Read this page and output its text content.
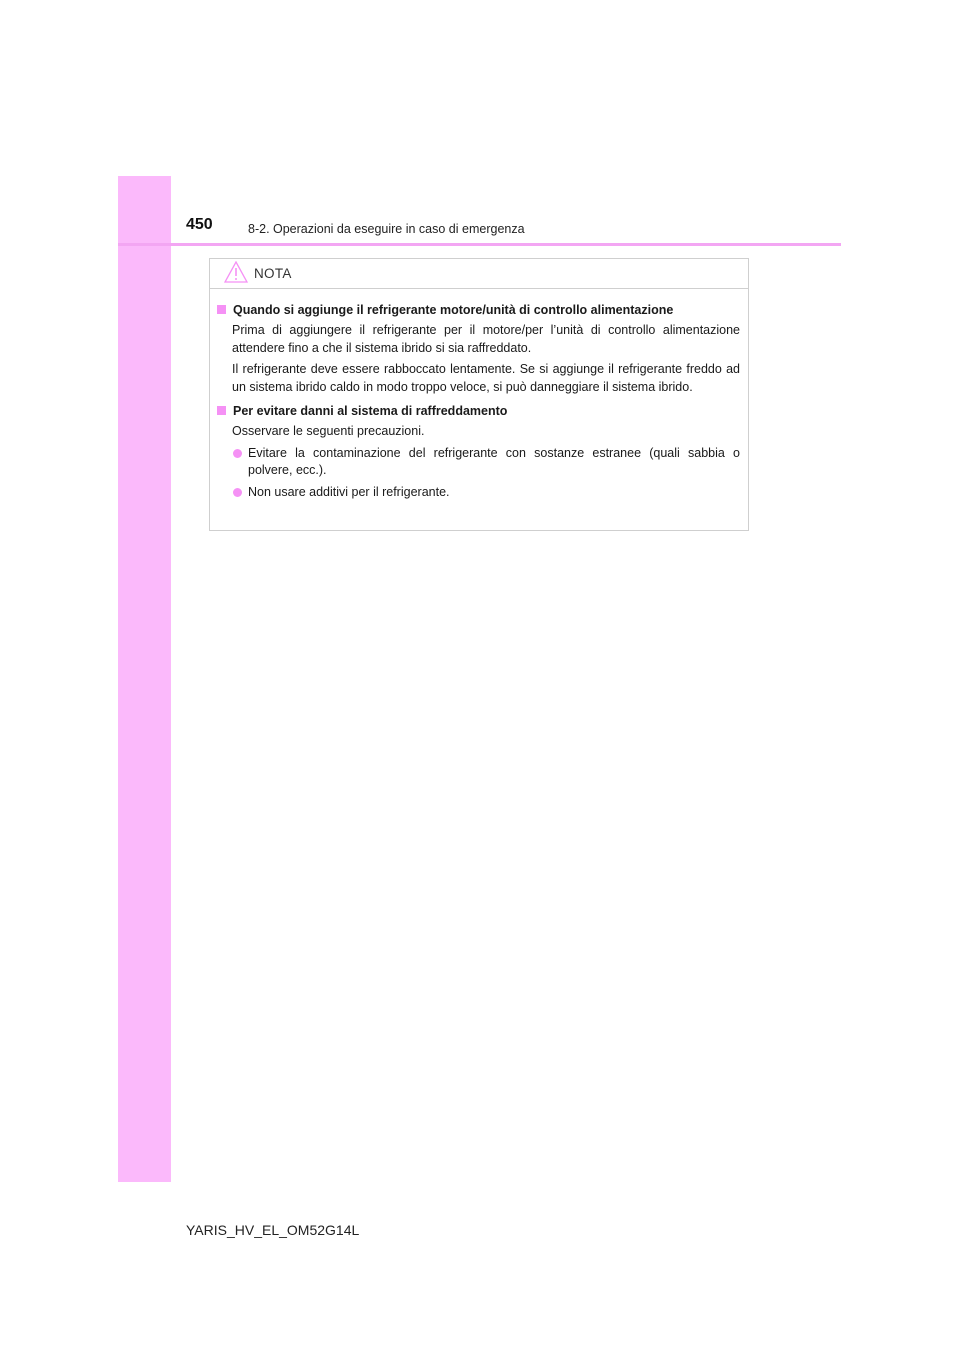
450	8-2. Operazioni da eseguire in caso di emergenza
NOTA
Quando si aggiunge il refrigerante motore/unità di controllo alimentazione

Prima di aggiungere il refrigerante per il motore/per l’unità di controllo alimentazione attendere fino a che il sistema ibrido si sia raffreddato.

Il refrigerante deve essere rabboccato lentamente. Se si aggiunge il refrigerante freddo ad un sistema ibrido caldo in modo troppo veloce, si può danneggiare il sistema ibrido.

Per evitare danni al sistema di raffreddamento

Osservare le seguenti precauzioni.

Evitare la contaminazione del refrigerante con sostanze estranee (quali sabbia o polvere, ecc.).
Non usare additivi per il refrigerante.
YARIS_HV_EL_OM52G14L
